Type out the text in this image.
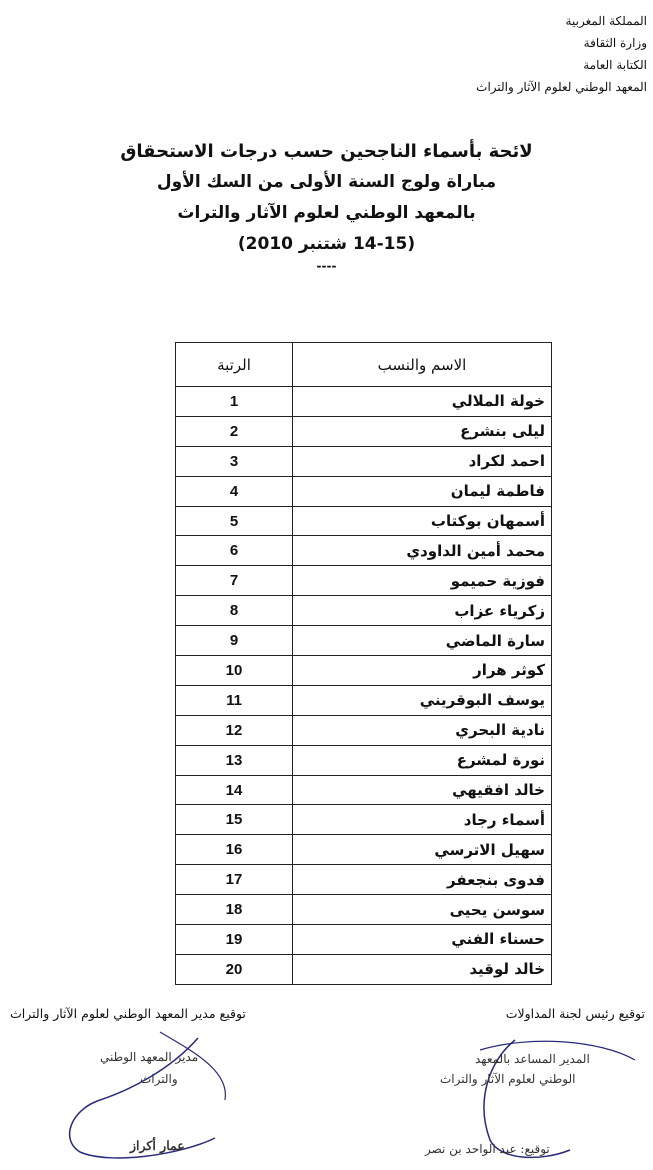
المملكة المغربية
وزارة الثقافة
الكتابة العامة
المعهد الوطني لعلوم الآثار والتراث
لائحة بأسماء الناجحين حسب درجات الاستحقاق
مباراة ولوج السنة الأولى من السك الأول
بالمعهد الوطني لعلوم الآثار والتراث
(14-15 شتنبر 2010)
----
الاسم والنسب	الرتبة
خولة الملالي	1
ليلى بنشرع	2
احمد لكراد	3
فاطمة ليمان	4
أسمهان بوكتاب	5
محمد أمين الداودي	6
فوزية حميمو	7
زكرياء عزاب	8
سارة الماضي	9
كوثر هرار	10
يوسف البوقريني	11
نادية البحري	12
نورة لمشرع	13
خالد افقيهي	14
أسماء رجاد	15
سهيل الاترسي	16
فدوى بنجعفر	17
سوسن يحيى	18
حسناء الفني	19
خالد لوقيد	20
توقيع مدير المعهد الوطني لعلوم الآثار والتراث	توقيع رئيس لجنة المداولات
مدير المعهد الوطني
والتراث
عمار أكراز
المدير المساعد بالمعهد
الوطني لعلوم الآثار والتراث
توقيع: عبد الواحد بن نصر
